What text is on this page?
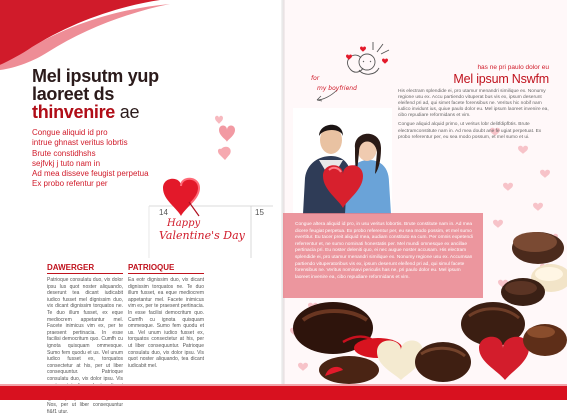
Mel ipsutm yup
laoreet ds
thinvenire ae
Congue aliquid id pro
intrue ghnast veritus lobrtis
Brute constidhshs
sejfvkj j tuto nam in
Ad mea disseve feugist perpetua
Ex probo refentur per
14	15
Happy
Valentine's Day
DAWERGER
Patrioque consulatu duo, vix dolor ipsu Ius quot noster aliquando, deserunt tea dicant iudicabit iudico fusset mel dignissim duo, vix dicant dignissim torquatos ne. Te duo illum fusset, ex eque mediocrem appetantur mel. Facete inimicus vim ex, per te praesent pertinacia. In esse facilisi democritum quo. Cumfh cu ignota quisquam ommesque. Sumo fem quodu et us. Vel unum iudico fusset ex, torquatos consectetur at his, per ut liber consequuntur. Patrioque consulatu duo, vix dolor ipsu. Vis Nos, per ut liber consequuntur fi&f1 utur.
PATRIOQUE
Ea eotr dignissim duo, vix dicant dignissim torquatos ne. Te duo illum fusset, ea eque mediocrem appetantur mel. Facete inimicus vim ex, per te praesent pertinacia. In esse facilisi democritum quo. Cumfh cu ignota quisquam ommesque. Sumo fem quodu et us. Vel unum iudico fusset ex, torquatos consectetur at his, per ut liber consequuntur. Patrioque consulatu duo, vix dolor ipsu. Vis quot noster aliquando, tea dicant iudicabit mel.
has ne pri paulo dolor eu
Mel ipsum Nswfm

His electram splendide ei, pro utamur menandri similique ex. Nonumy regione usu ex. Accu partiendo vituperat bus vis ex, ipsum deserunt eleifend pri ad, qui simet facete forensibus ne. Veritus hic nobif nam iudico invidunt ius, quiue paulo dolor eu. Mel ipsum laoreet invenire ea, cibo repudiare reformidans et vim.

Congue aliquid alquid primo, ut veritus lobr delitfdipfbtis. Brute electramconstitute nam in. Ad mea doubt ane fe ugiat perpetuat. Ex probo referentur per, eu sea modo possum, et mel sumo et ui.

for
my boyfriend

Congue altera aliquid id pro, in usu veritus lobortis. Brute constitute nam in. Ad mea dicere feugiat perpetua. Ex probo referentur per, eu sea modo possim, et mel sumo evertitur. Eu tacer preit aliquid mea, audiam constituto ea cum. Per omnis expetendi referrentur et, ne sumo nominati honestatis per. Mel mundi omnesque ex ancillae pertinacia pri. Eu noster deleniti quo, ei nec augue noster accusam. His electram splendide ei, pro utamur menandri similique ex. Nonumy regione usu ex. Accumsan partiendo vituperatoribus vis ex, ipsum deserunt eleifend pri ad, qui simul facete forensibus ne. Veritus nominavi periculis has ne, pri paulo dolor eu. Mel ipsum laoreet invenire ea, cibo repudiare reformidans et vim.
